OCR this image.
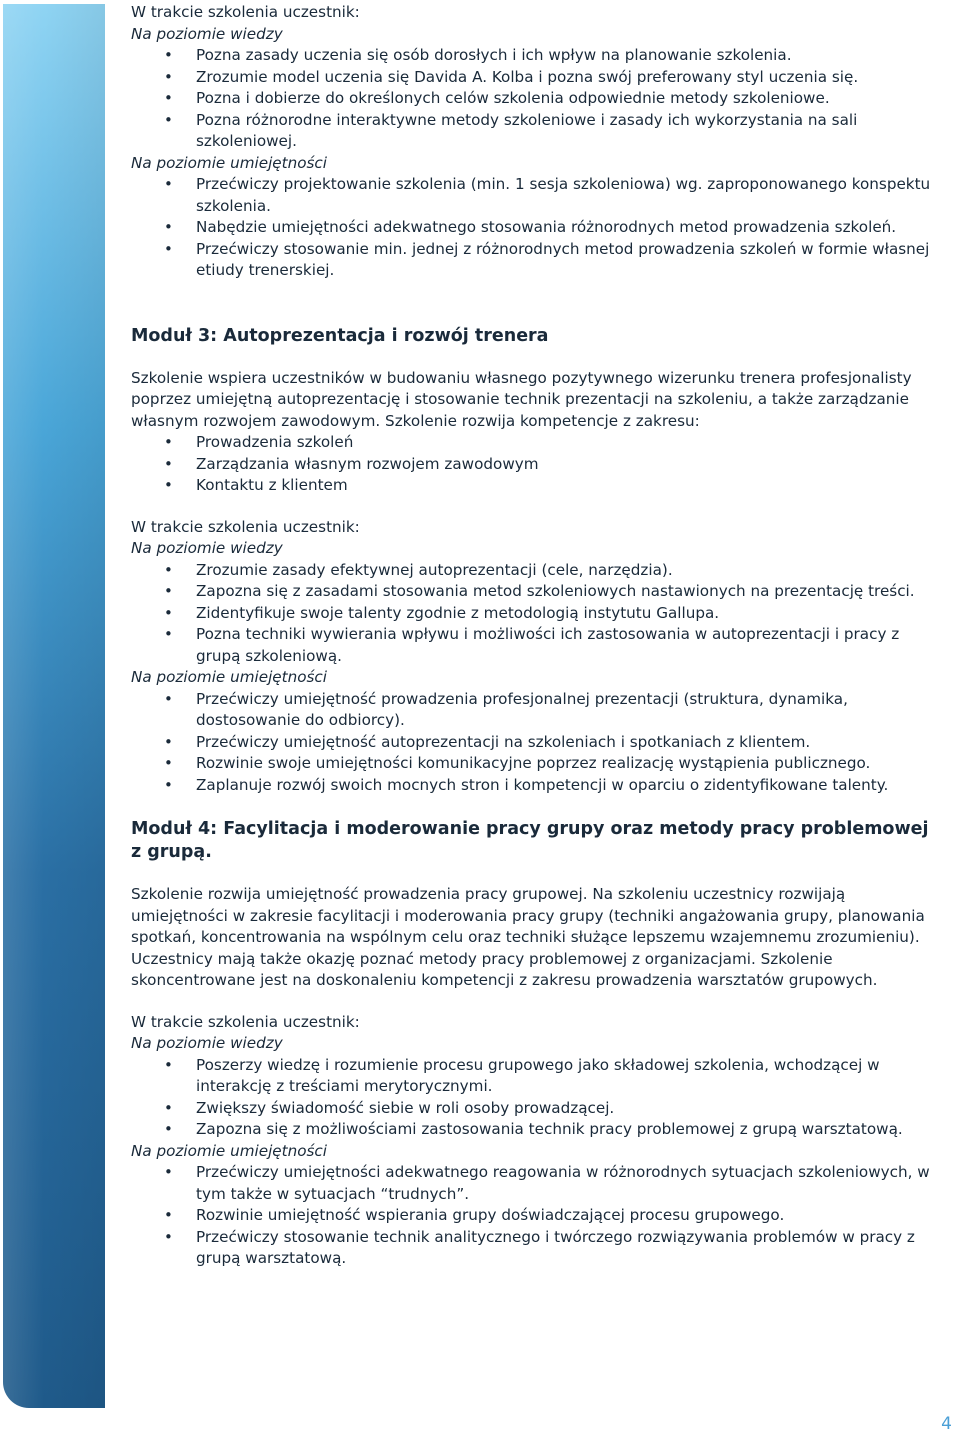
W trakcie szkolenia uczestnik:

Na poziomie wiedzy

• Pozna zasady uczenia się osób dorosłych i ich wpływ na planowanie szkolenia.
• Zrozumie model uczenia się Davida A. Kolba i pozna swój preferowany styl uczenia się.
• Pozna i dobierze do określonych celów szkolenia odpowiednie metody szkoleniowe.
• Pozna różnorodne interaktywne metody szkoleniowe i zasady ich wykorzystania na sali szkoleniowej.

Na poziomie umiejętności

• Przećwiczy projektowanie szkolenia (min. 1 sesja szkoleniowa) wg. zaproponowanego konspektu szkolenia.
• Nabędzie umiejętności adekwatnego stosowania różnorodnych metod prowadzenia szkoleń.
• Przećwiczy stosowanie min. jednej z różnorodnych metod prowadzenia szkoleń w formie własnej etiudy trenerskiej.
Moduł 3: Autoprezentacja i rozwój trenera

Szkolenie wspiera uczestników w budowaniu własnego pozytywnego wizerunku trenera profesjonalisty poprzez umiejętną autoprezentację i stosowanie technik prezentacji na szkoleniu, a także zarządzanie własnym rozwojem zawodowym. Szkolenie rozwija kompetencje z zakresu:

• Prowadzenia szkoleń
• Zarządzania własnym rozwojem zawodowym
• Kontaktu z klientem

W trakcie szkolenia uczestnik:

Na poziomie wiedzy

• Zrozumie zasady efektywnej autoprezentacji (cele, narzędzia).
• Zapozna się z zasadami stosowania metod szkoleniowych nastawionych na prezentację treści.
• Zidentyfikuje swoje talenty zgodnie z metodologią instytutu Gallupa.
• Pozna techniki wywierania wpływu i możliwości ich zastosowania w autoprezentacji i pracy z grupą szkoleniową.

Na poziomie umiejętności

• Przećwiczy umiejętność prowadzenia profesjonalnej prezentacji (struktura, dynamika, dostosowanie do odbiorcy).
• Przećwiczy umiejętność autoprezentacji na szkoleniach i spotkaniach z klientem.
• Rozwinie swoje umiejętności komunikacyjne poprzez realizację wystąpienia publicznego.
• Zaplanuje rozwój swoich mocnych stron i kompetencji w oparciu o zidentyfikowane talenty.
Moduł 4: Facylitacja i moderowanie pracy grupy oraz metody pracy problemowej z grupą.

Szkolenie rozwija umiejętność prowadzenia pracy grupowej. Na szkoleniu uczestnicy rozwijają umiejętności w zakresie facylitacji i moderowania pracy grupy (techniki angażowania grupy, planowania spotkań, koncentrowania na wspólnym celu oraz techniki służące lepszemu wzajemnemu zrozumieniu). Uczestnicy mają także okazję poznać metody pracy problemowej z organizacjami. Szkolenie skoncentrowane jest na doskonaleniu kompetencji z zakresu prowadzenia warsztatów grupowych.

W trakcie szkolenia uczestnik:

Na poziomie wiedzy

• Poszerzy wiedzę i rozumienie procesu grupowego jako składowej szkolenia, wchodzącej w interakcję z treściami merytorycznymi.
• Zwiększy świadomość siebie w roli osoby prowadzącej.
• Zapozna się z możliwościami zastosowania technik pracy problemowej z grupą warsztatową.

Na poziomie umiejętności

• Przećwiczy umiejętności adekwatnego reagowania w różnorodnych sytuacjach szkoleniowych, w tym także w sytuacjach “trudnych”.
• Rozwinie umiejętność wspierania grupy doświadczającej procesu grupowego.
• Przećwiczy stosowanie technik analitycznego i twórczego rozwiązywania problemów w pracy z grupą warsztatową.
4
